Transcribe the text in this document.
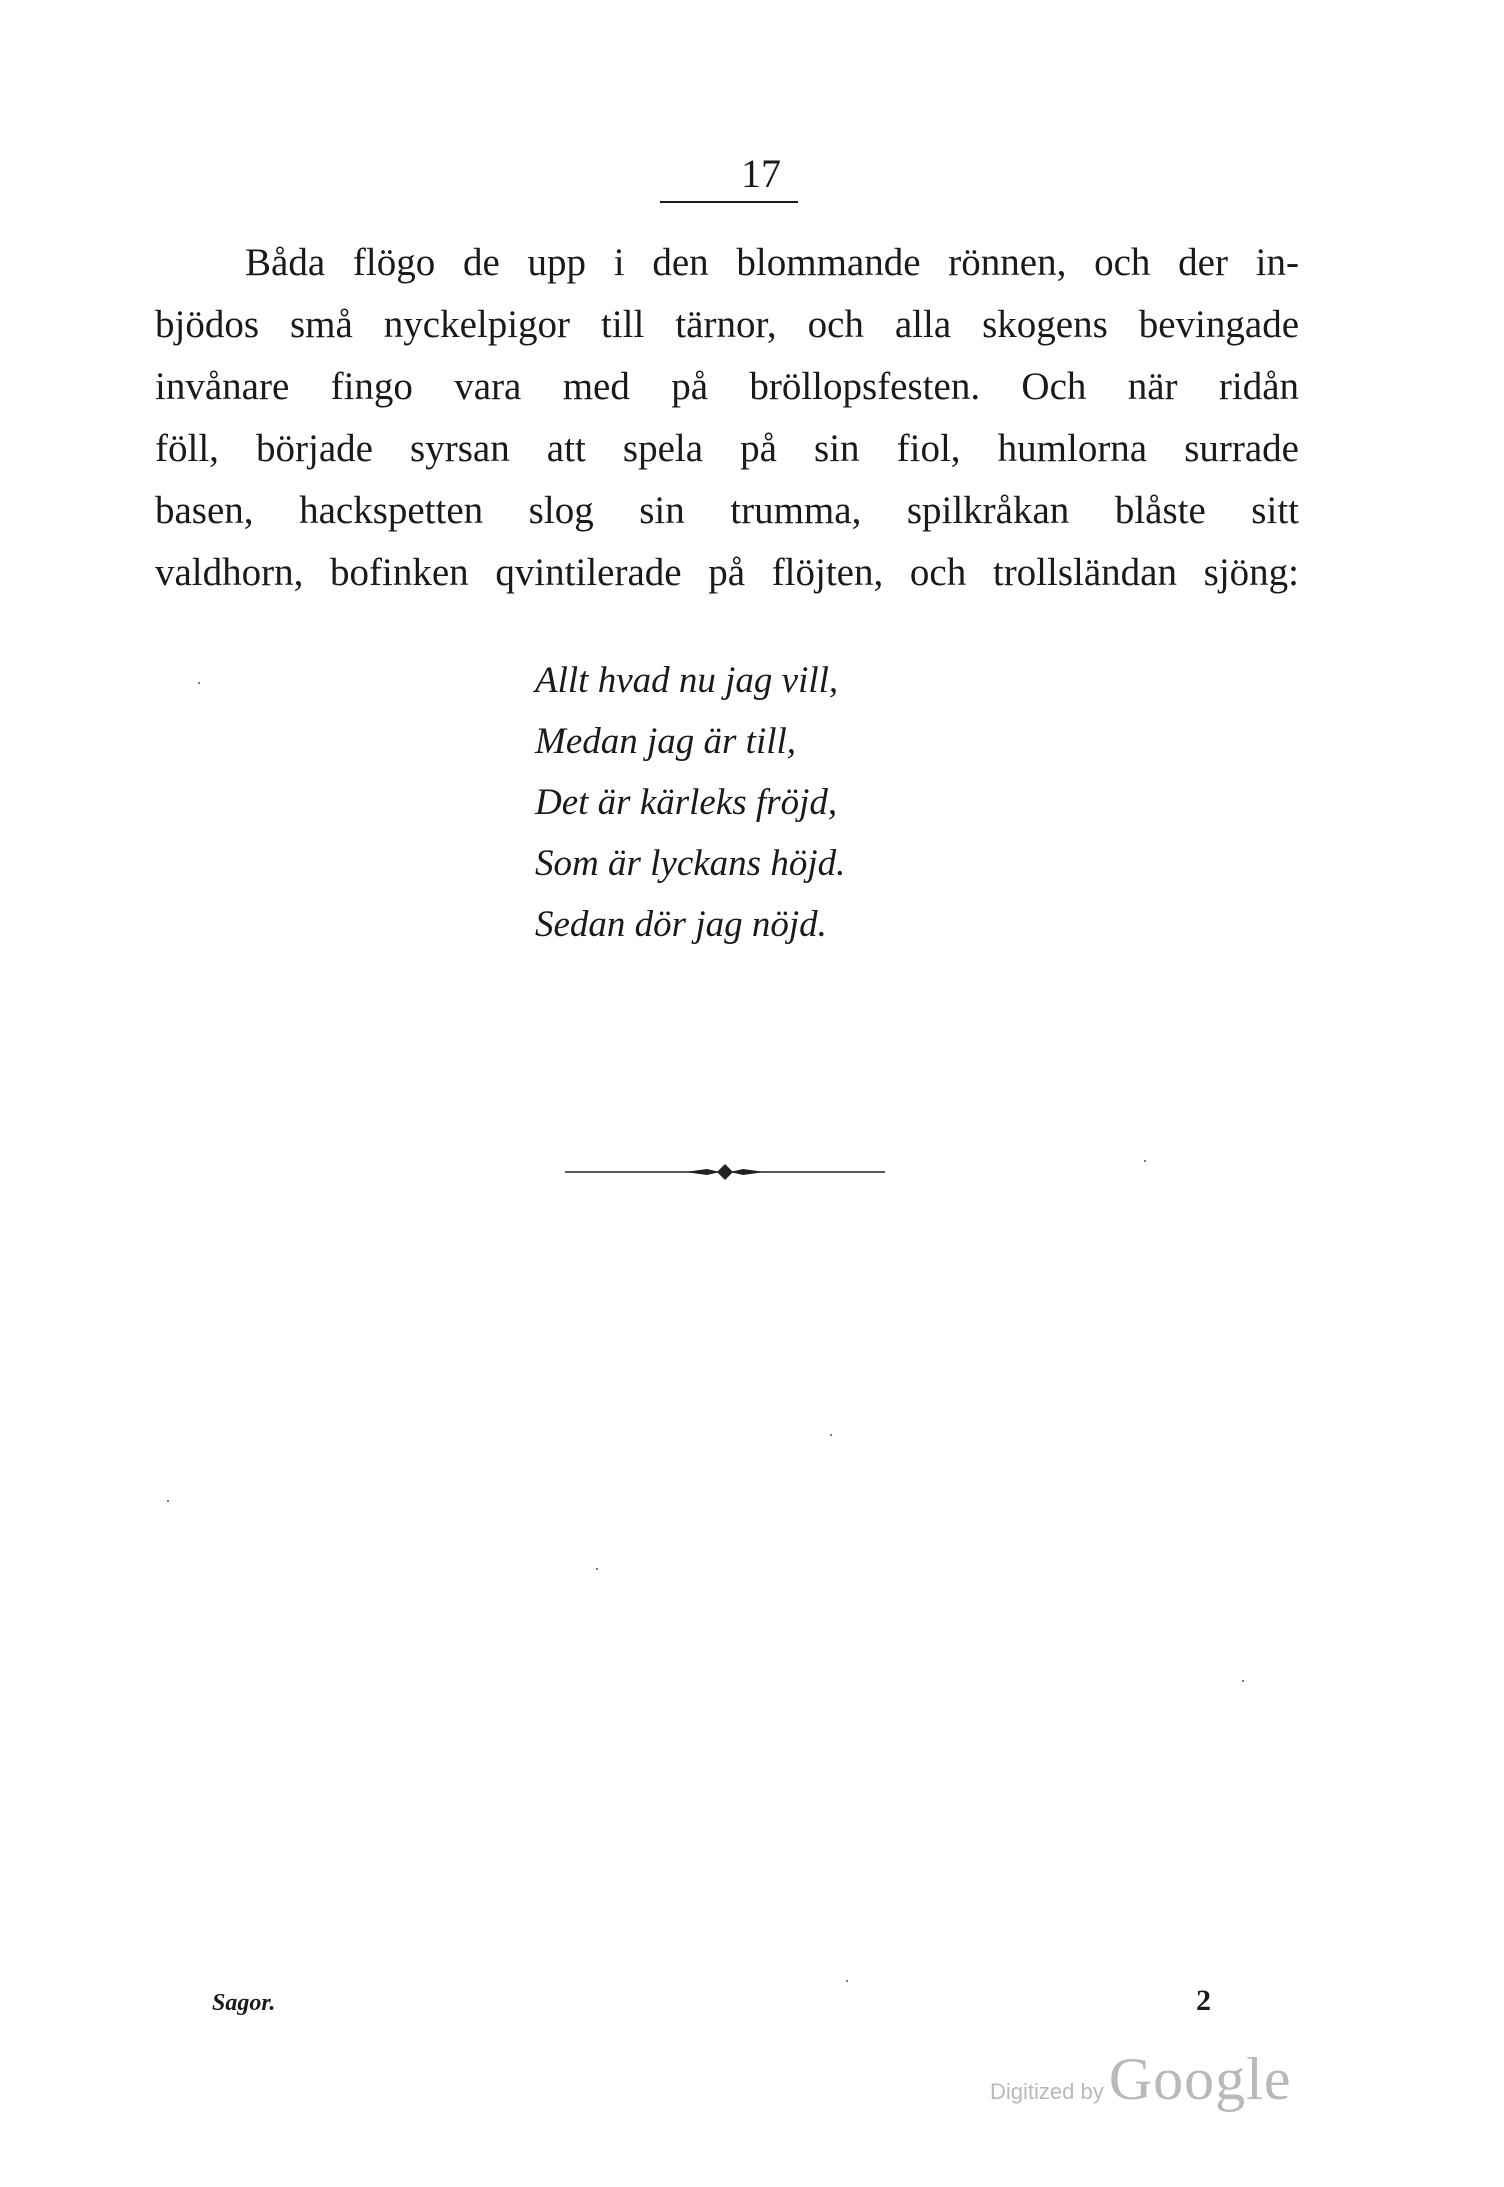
17
Båda flögo de upp i den blommande rönnen, och der in-
bjödos små nyckelpigor till tärnor, och alla skogens bevingade
invånare fingo vara med på bröllopsfesten. Och när ridån
föll, började syrsan att spela på sin fiol, humlorna surrade
basen, hackspetten slog sin trumma, spilkråkan blåste sitt
valdhorn, bofinken qvintilerade på flöjten, och trollsländan sjöng:
Allt hvad nu jag vill,
Medan jag är till,
Det är kärleks fröjd,
Som är lyckans höjd.
Sedan dör jag nöjd.
Sagor.	2
Digitized by Google
